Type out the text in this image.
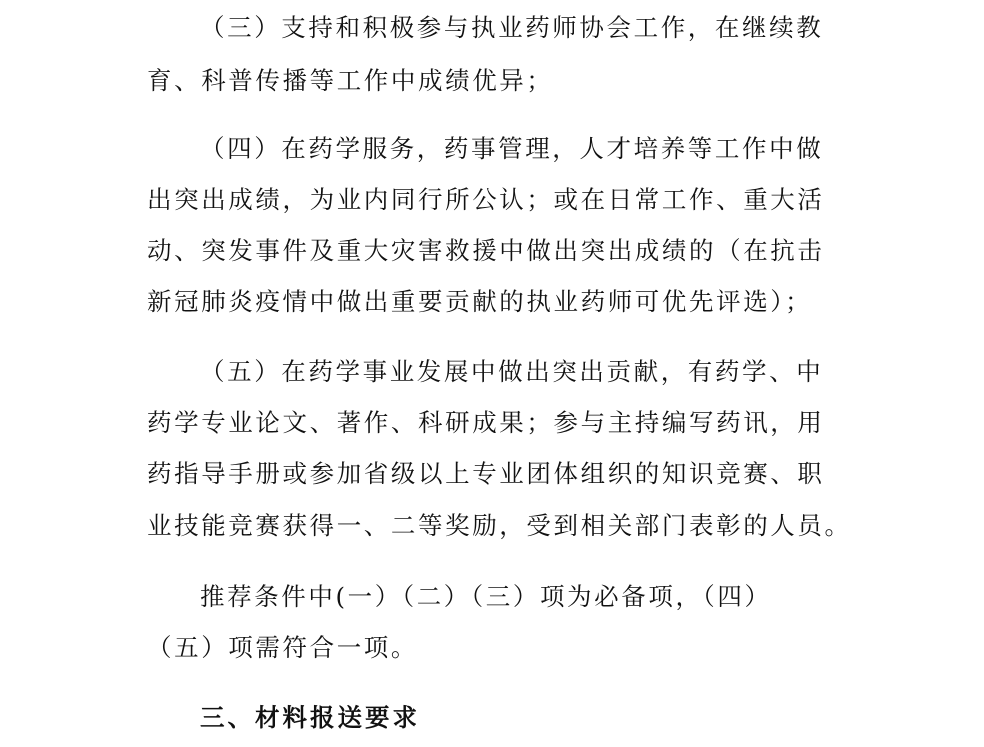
（三）支持和积极参与执业药师协会工作，在继续教
育、科普传播等工作中成绩优异；
（四）在药学服务，药事管理，人才培养等工作中做
出突出成绩，为业内同行所公认；或在日常工作、重大活
动、突发事件及重大灾害救援中做出突出成绩的（在抗击
新冠肺炎疫情中做出重要贡献的执业药师可优先评选）；
（五）在药学事业发展中做出突出贡献，有药学、中
药学专业论文、著作、科研成果；参与主持编写药讯，用
药指导手册或参加省级以上专业团体组织的知识竞赛、职
业技能竞赛获得一、二等奖励，受到相关部门表彰的人员。
推荐条件中(一）（二）（三）项为必备项，（四）
（五）项需符合一项。
三、材料报送要求
